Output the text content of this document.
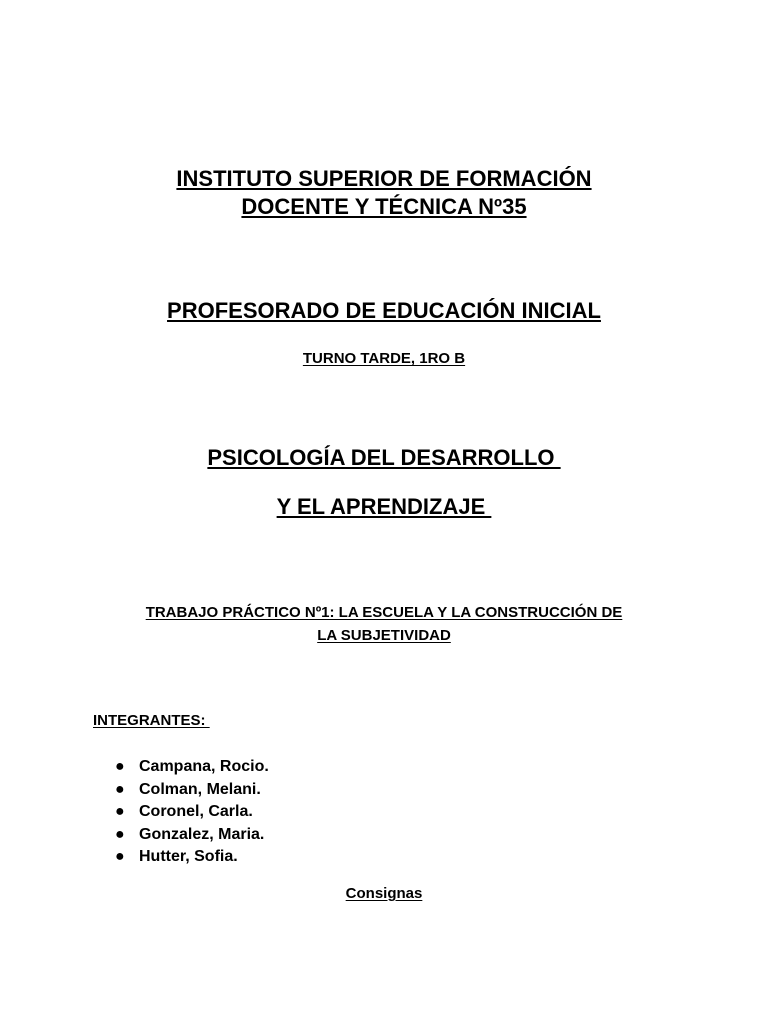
INSTITUTO SUPERIOR DE FORMACIÓN
DOCENTE Y TÉCNICA Nº35
PROFESORADO DE EDUCACIÓN INICIAL
TURNO TARDE, 1RO B
PSICOLOGÍA DEL DESARROLLO
Y EL APRENDIZAJE
TRABAJO PRÁCTICO Nº1: LA ESCUELA Y LA CONSTRUCCIÓN DE
LA SUBJETIVIDAD
INTEGRANTES:

●

Campana, Rocio.

●

Colman, Melani.

●

Coronel, Carla.

●

Gonzalez, Maria.

●

Hutter, Sofia.

Consignas
